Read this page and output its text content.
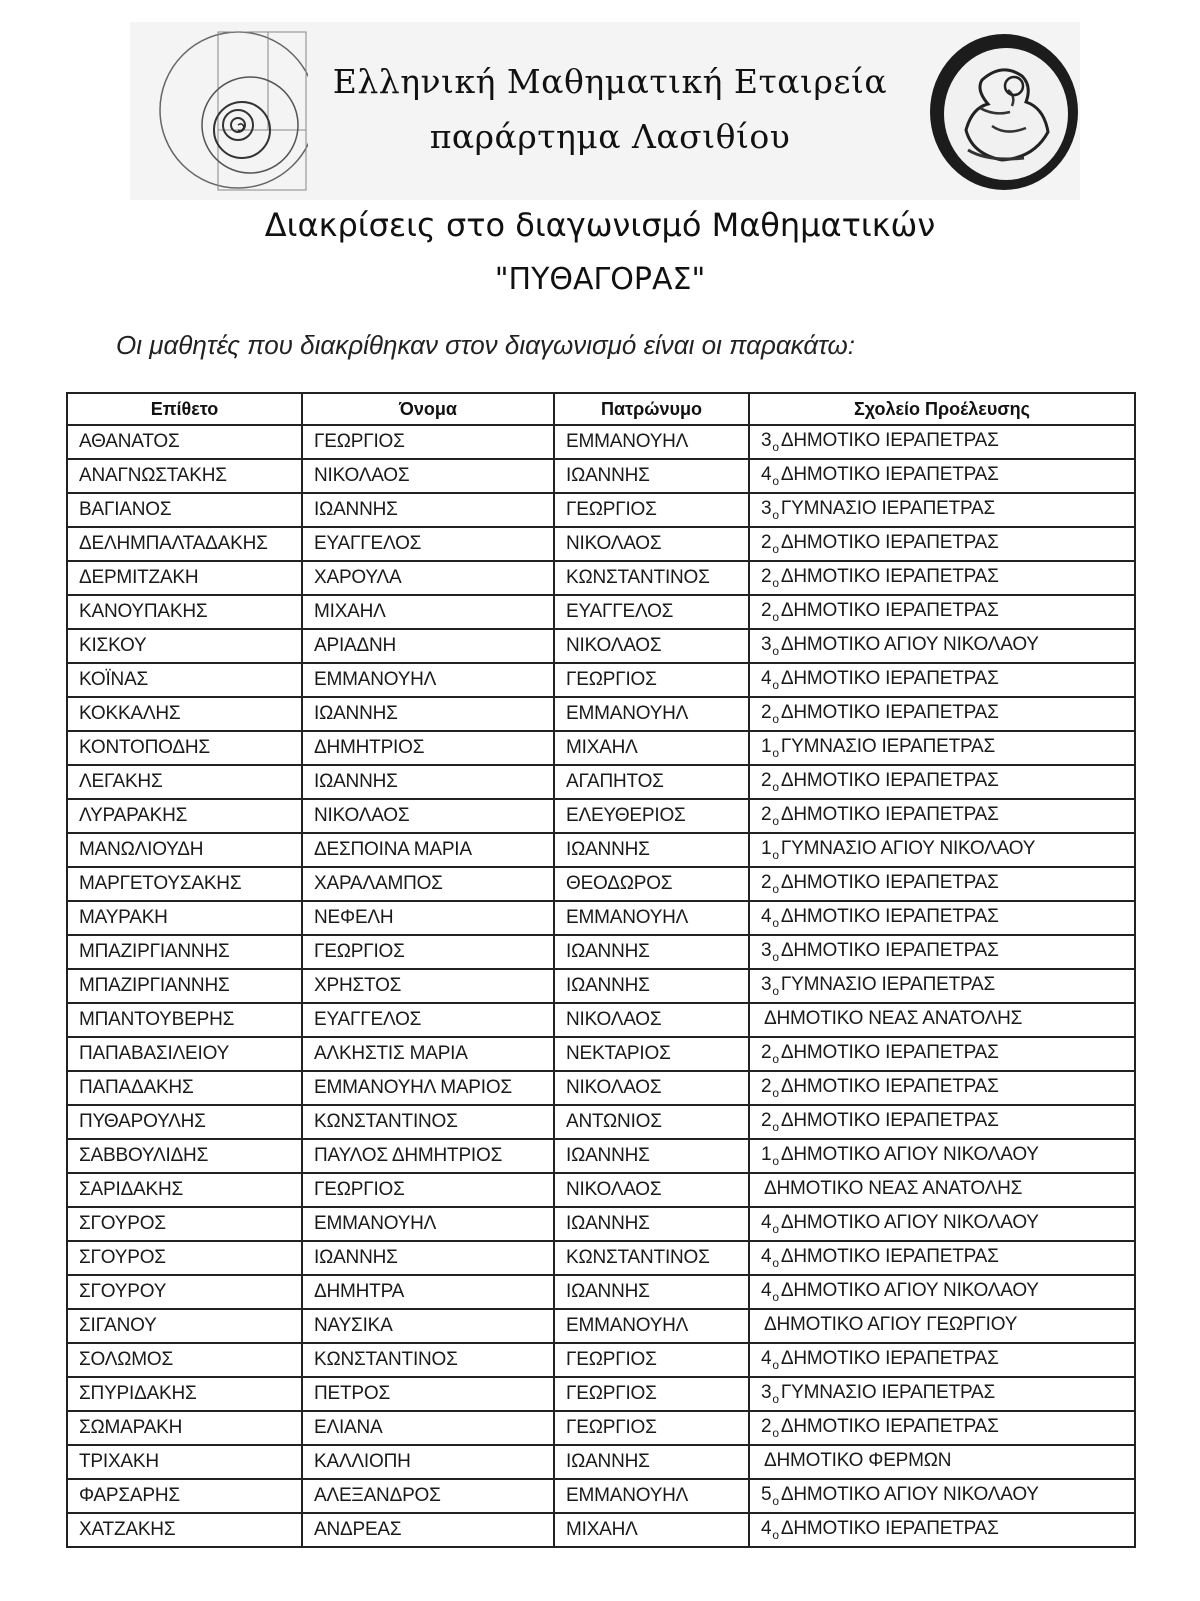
Ελληνική Μαθηματική Εταιρεία
παράρτημα Λασιθίου
Διακρίσεις στο διαγωνισμό Μαθηματικών
"ΠΥΘΑΓΟΡΑΣ"
Οι μαθητές που διακρίθηκαν στον διαγωνισμό είναι οι παρακάτω:
Επίθετο	Όνομα	Πατρώνυμο	Σχολείο Προέλευσης
ΑΘΑΝΑΤΟΣ	ΓΕΩΡΓΙΟΣ	ΕΜΜΑΝΟΥΗΛ	$3_o$ ΔΗΜΟΤΙΚΟ ΙΕΡΑΠΕΤΡΑΣ
ΑΝΑΓΝΩΣΤΑΚΗΣ	ΝΙΚΟΛΑΟΣ	ΙΩΑΝΝΗΣ	$4_o$ ΔΗΜΟΤΙΚΟ ΙΕΡΑΠΕΤΡΑΣ
ΒΑΓΙΑΝΟΣ	ΙΩΑΝΝΗΣ	ΓΕΩΡΓΙΟΣ	$3_o$ ΓΥΜΝΑΣΙΟ ΙΕΡΑΠΕΤΡΑΣ
ΔΕΛΗΜΠΑΛΤΑΔΑΚΗΣ	ΕΥΑΓΓΕΛΟΣ	ΝΙΚΟΛΑΟΣ	$2_o$ ΔΗΜΟΤΙΚΟ ΙΕΡΑΠΕΤΡΑΣ
ΔΕΡΜΙΤΖΑΚΗ	ΧΑΡΟΥΛΑ	ΚΩΝΣΤΑΝΤΙΝΟΣ	$2_o$ ΔΗΜΟΤΙΚΟ ΙΕΡΑΠΕΤΡΑΣ
ΚΑΝΟΥΠΑΚΗΣ	ΜΙΧΑΗΛ	ΕΥΑΓΓΕΛΟΣ	$2_o$ ΔΗΜΟΤΙΚΟ ΙΕΡΑΠΕΤΡΑΣ
ΚΙΣΚΟΥ	ΑΡΙΑΔΝΗ	ΝΙΚΟΛΑΟΣ	$3_o$ ΔΗΜΟΤΙΚΟ ΑΓΙΟΥ ΝΙΚΟΛΑΟΥ
ΚΟΪΝΑΣ	ΕΜΜΑΝΟΥΗΛ	ΓΕΩΡΓΙΟΣ	$4_o$ ΔΗΜΟΤΙΚΟ ΙΕΡΑΠΕΤΡΑΣ
ΚΟΚΚΑΛΗΣ	ΙΩΑΝΝΗΣ	ΕΜΜΑΝΟΥΗΛ	$2_o$ ΔΗΜΟΤΙΚΟ ΙΕΡΑΠΕΤΡΑΣ
ΚΟΝΤΟΠΟΔΗΣ	ΔΗΜΗΤΡΙΟΣ	ΜΙΧΑΗΛ	$1_o$ ΓΥΜΝΑΣΙΟ ΙΕΡΑΠΕΤΡΑΣ
ΛΕΓΑΚΗΣ	ΙΩΑΝΝΗΣ	ΑΓΑΠΗΤΟΣ	$2_o$ ΔΗΜΟΤΙΚΟ ΙΕΡΑΠΕΤΡΑΣ
ΛΥΡΑΡΑΚΗΣ	ΝΙΚΟΛΑΟΣ	ΕΛΕΥΘΕΡΙΟΣ	$2_o$ ΔΗΜΟΤΙΚΟ ΙΕΡΑΠΕΤΡΑΣ
ΜΑΝΩΛΙΟΥΔΗ	ΔΕΣΠΟΙΝΑ ΜΑΡΙΑ	ΙΩΑΝΝΗΣ	$1_o$ ΓΥΜΝΑΣΙΟ ΑΓΙΟΥ ΝΙΚΟΛΑΟΥ
ΜΑΡΓΕΤΟΥΣΑΚΗΣ	ΧΑΡΑΛΑΜΠΟΣ	ΘΕΟΔΩΡΟΣ	$2_o$ ΔΗΜΟΤΙΚΟ ΙΕΡΑΠΕΤΡΑΣ
ΜΑΥΡΑΚΗ	ΝΕΦΕΛΗ	ΕΜΜΑΝΟΥΗΛ	$4_o$ ΔΗΜΟΤΙΚΟ ΙΕΡΑΠΕΤΡΑΣ
ΜΠΑΖΙΡΓΙΑΝΝΗΣ	ΓΕΩΡΓΙΟΣ	ΙΩΑΝΝΗΣ	$3_o$ ΔΗΜΟΤΙΚΟ ΙΕΡΑΠΕΤΡΑΣ
ΜΠΑΖΙΡΓΙΑΝΝΗΣ	ΧΡΗΣΤΟΣ	ΙΩΑΝΝΗΣ	$3_o$ ΓΥΜΝΑΣΙΟ ΙΕΡΑΠΕΤΡΑΣ
ΜΠΑΝΤΟΥΒΕΡΗΣ	ΕΥΑΓΓΕΛΟΣ	ΝΙΚΟΛΑΟΣ	ΔΗΜΟΤΙΚΟ ΝΕΑΣ ΑΝΑΤΟΛΗΣ
ΠΑΠΑΒΑΣΙΛΕΙΟΥ	ΑΛΚΗΣΤΙΣ ΜΑΡΙΑ	ΝΕΚΤΑΡΙΟΣ	$2_o$ ΔΗΜΟΤΙΚΟ ΙΕΡΑΠΕΤΡΑΣ
ΠΑΠΑΔΑΚΗΣ	ΕΜΜΑΝΟΥΗΛ ΜΑΡΙΟΣ	ΝΙΚΟΛΑΟΣ	$2_o$ ΔΗΜΟΤΙΚΟ ΙΕΡΑΠΕΤΡΑΣ
ΠΥΘΑΡΟΥΛΗΣ	ΚΩΝΣΤΑΝΤΙΝΟΣ	ΑΝΤΩΝΙΟΣ	$2_o$ ΔΗΜΟΤΙΚΟ ΙΕΡΑΠΕΤΡΑΣ
ΣΑΒΒΟΥΛΙΔΗΣ	ΠΑΥΛΟΣ ΔΗΜΗΤΡΙΟΣ	ΙΩΑΝΝΗΣ	$1_o$ ΔΗΜΟΤΙΚΟ ΑΓΙΟΥ ΝΙΚΟΛΑΟΥ
ΣΑΡΙΔΑΚΗΣ	ΓΕΩΡΓΙΟΣ	ΝΙΚΟΛΑΟΣ	ΔΗΜΟΤΙΚΟ ΝΕΑΣ ΑΝΑΤΟΛΗΣ
ΣΓΟΥΡΟΣ	ΕΜΜΑΝΟΥΗΛ	ΙΩΑΝΝΗΣ	$4_o$ ΔΗΜΟΤΙΚΟ ΑΓΙΟΥ ΝΙΚΟΛΑΟΥ
ΣΓΟΥΡΟΣ	ΙΩΑΝΝΗΣ	ΚΩΝΣΤΑΝΤΙΝΟΣ	$4_o$ ΔΗΜΟΤΙΚΟ ΙΕΡΑΠΕΤΡΑΣ
ΣΓΟΥΡΟΥ	ΔΗΜΗΤΡΑ	ΙΩΑΝΝΗΣ	$4_o$ ΔΗΜΟΤΙΚΟ ΑΓΙΟΥ ΝΙΚΟΛΑΟΥ
ΣΙΓΑΝΟΥ	ΝΑΥΣΙΚΑ	ΕΜΜΑΝΟΥΗΛ	ΔΗΜΟΤΙΚΟ ΑΓΙΟΥ ΓΕΩΡΓΙΟΥ
ΣΟΛΩΜΟΣ	ΚΩΝΣΤΑΝΤΙΝΟΣ	ΓΕΩΡΓΙΟΣ	$4_o$ ΔΗΜΟΤΙΚΟ ΙΕΡΑΠΕΤΡΑΣ
ΣΠΥΡΙΔΑΚΗΣ	ΠΕΤΡΟΣ	ΓΕΩΡΓΙΟΣ	$3_o$ ΓΥΜΝΑΣΙΟ ΙΕΡΑΠΕΤΡΑΣ
ΣΩΜΑΡΑΚΗ	ΕΛΙΑΝΑ	ΓΕΩΡΓΙΟΣ	$2_o$ ΔΗΜΟΤΙΚΟ ΙΕΡΑΠΕΤΡΑΣ
ΤΡΙΧΑΚΗ	ΚΑΛΛΙΟΠΗ	ΙΩΑΝΝΗΣ	ΔΗΜΟΤΙΚΟ ΦΕΡΜΩΝ
ΦΑΡΣΑΡΗΣ	ΑΛΕΞΑΝΔΡΟΣ	ΕΜΜΑΝΟΥΗΛ	$5_o$ ΔΗΜΟΤΙΚΟ ΑΓΙΟΥ ΝΙΚΟΛΑΟΥ
ΧΑΤΖΑΚΗΣ	ΑΝΔΡΕΑΣ	ΜΙΧΑΗΛ	$4_o$ ΔΗΜΟΤΙΚΟ ΙΕΡΑΠΕΤΡΑΣ
